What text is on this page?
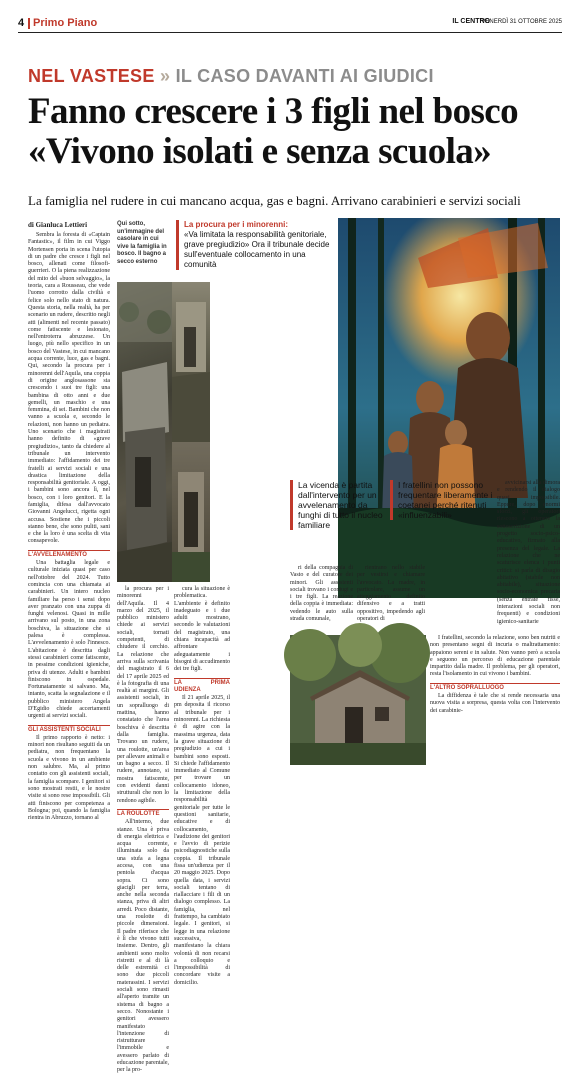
4 Primo Piano	IL CENTRO
VENERDÌ 31 OTTOBRE 2025
NEL VASTESE » IL CASO DAVANTI AI GIUDICI
Fanno crescere i 3 figli nel bosco
«Vivono isolati e senza scuola»
La famiglia nel rudere in cui mancano acqua, gas e bagni. Arrivano carabinieri e servizi sociali

di Gianluca Lettieri

Sembra la foresta di «Captain Fantastic», il film in cui Viggo Mortensen porta in scena l'utopia di un padre che cresce i figli nel bosco, allenati come filosofi-guerrieri. O la piena realizzazione del mito del «buon selvaggio», la teoria, cara a Rousseau, che vede l'uomo corrotto dalla civiltà e felice solo nello stato di natura. Questa storia, nella realtà, ha per scenario un rudere, descritto negli atti (alimenti nel recente passato) come fatiscente e lesionato, nell'entroterra abruzzese. Un luogo, più nello specifico in un bosco del Vastese, in cui mancano acqua corrente, luce, gas e bagni. Qui, secondo la procura per i minorenni dell'Aquila, una coppia di origine anglosassone sta crescendo i suoi tre figli: una bambina di otto anni e due gemelli, un maschio e una femmina, di sei. Bambini che non vanno a scuola e, secondo le relazioni, non hanno un pediatra. Uno scenario che i magistrati hanno definito di «grave pregiudizio», tanto da chiedere al tribunale un intervento immediato: l'affidamento dei tre fratelli ai servizi sociali e una drastica limitazione della responsabilità genitoriale. A oggi, i bambini sono ancora lì, nel bosco, con i loro genitori. E la famiglia, difesa dall'avvocato Giovanni Angelucci, rigetta ogni accusa. Sostiene che i piccoli stanno bene, che sono puliti, sani e che la loro è una scelta di vita consapevole.

L'AVVELENAMENTO

Una battaglia legale e culturale iniziata quasi per caso nell'ottobre del 2024. Tutto comincia con una chiamata ai carabinieri. Un intero nucleo familiare ha perso i sensi dopo aver pranzato con una zuppa di funghi velenosi. Quasi in mille arrivano sul posto, in una zona boschiva, la situazione che si palesa è complessa. L'avvelenamento è solo l'innesco. L'abitazione è descritta dagli stessi carabinieri come fatiscente, in pessime condizioni igieniche, priva di utenze. Adulti e bambini finiscono in ospedale. Fortunatamente si salvano. Ma, intanto, scatta la segnalazione e il pubblico ministero Angela D'Egidio chiede accertamenti urgenti ai servizi sociali.

GLI ASSISTENTI SOCIALI

Il primo rapporto è netto: i minori non risultano seguiti da un pediatra, non frequentano la scuola e vivono in un ambiente non salubre. Ma, al primo contatto con gli assistenti sociali, la famiglia scompare. I genitori si sono mostrati restii, e le nostre visite si sono rese impossibili. Gli atti finiscono per competenza a Bologna; poi, quando la famiglia rientra in Abruzzo, tornano al

Qui sotto, un'immagine del casolare in cui vive la famiglia in bosco. Il bagno a secco esterno
La procura per i minorenni:
«Va limitata la responsabilità genitoriale, grave pregiudizio» Ora il tribunale decide sull'eventuale collocamento in una comunità

la procura per i minorenni dell'Aquila. Il 4 marzo del 2025, il pubblico ministero chiede ai servizi sociali, tornati competenti, di chiudere il cerchio. La relazione che arriva sulla scrivania del magistrato il 6 del 17 aprile 2025 ed è la fotografia di una realtà ai margini. Gli assistenti sociali, in un sopralluogo di mattina, hanno constatato che l'area boschiva è descritta dalla famiglia. Trovano un rudere, una roulotte, un'area per allevare animali e un bagno a secco. Il rudere, annotano, si mostra fatiscente, con evidenti danni strutturali che non lo rendono agibile.

LA ROULOTTE

All'interno, due stanze. Una è priva di energia elettrica e acqua corrente, illuminata solo da una stufa a legna accesa, con una pentola d'acqua sopra. Ci sono giacigli per terra, anche nella seconda stanza, priva di altri arredi. Poco distante, una roulotte di piccole dimensioni. Il padre riferisce che è lì che vivono tutti insieme. Dentro, gli ambienti sono molto ristretti e al di là delle estremità ci sono due piccoli materassini. I servizi sociali sono rimasti all'aperto tramite un sistema di bagno a secco. Nonostante i genitori avessero manifestato l'intenzione di ristrutturare l'immobile e avessero parlato di educazione parentale, per la pro-

cura la situazione è problematica. L'ambiente è definito inadeguato e i due adulti mostrano, secondo le valutazioni del magistrato, una chiara incapacità ad affrontare adeguatamente i bisogni di accudimento dei tre figli.

LA PRIMA UDIENZA

Il 21 aprile 2025, il pm deposita il ricorso al tribunale per i minorenni. La richiesta è di agire con la massima urgenza, data la grave situazione di pregiudizio a cui i bambini sono esposti. Si chiede l'affidamento immediato al Comune per trovare un collocamento idoneo, la limitazione della responsabilità genitoriale per tutte le questioni sanitarie, educative e di collocamento, l'audizione dei genitori e l'avvio di perizie psicodiagnostiche sulla coppia. Il tribunale fissa un'udienza per il 20 maggio 2025. Dopo quella data, i servizi sociali tentano di riallacciare i fili di un dialogo complesso. La famiglia, nel frattempo, ha cambiato legale. I genitori, si legge in una relazione successiva, manifestano la chiara volontà di non recarsi a colloquio e l'impossibilità di concordare visite a domicilio.

La vicenda è partita dall'intervento per un avvelenamento da funghi di tutto il nucleo familiare
I fratellini non possono frequentare liberamente i coetanei perché ritenuti «influenzabili»

ri della compagnia di Vasto e del curatore dei minori. Gli assistenti sociali trovano i coniugi e i tre figli. La reazione della coppia è immediata: vedendo le auto sulla strada comunale,

rientrano nello stabile per vestirsi e chiamare l'avvocato. La madre, in particolare, assume un atteggiamento definito difensivo e a tratti oppositivo, impedendo agli operatori di

avvicinarsi alla dimora e rendendo il dialogo quasi impossibile. Eppure, dopo enormi sforzi, gli operatori riescono a ottenere la sottoscrizione di un progetto socio-psico-educativo, firmato alla presenza del legale. La relazione che ne scaturisce elenca i punti critici: si parla di disagio abitativo (stabile non abitabile), situazione socio-economica precaria (senza entrate fisse, interazioni sociali non frequenti) e condizioni igienico-sanitarie

I fratellini, secondo la relazione, sono ben nutriti e non presentano segni di incuria o maltrattamento: appaiono sereni e in salute. Non vanno però a scuola e seguono un percorso di educazione parentale impartito dalla madre. Il problema, per gli operatori, resta l'isolamento in cui vivono i bambini.

L'ALTRO SOPRALLUOGO

La diffidenza è tale che si rende necessaria una nuova visita a sorpresa, questa volta con l'intervento dei carabinie-
